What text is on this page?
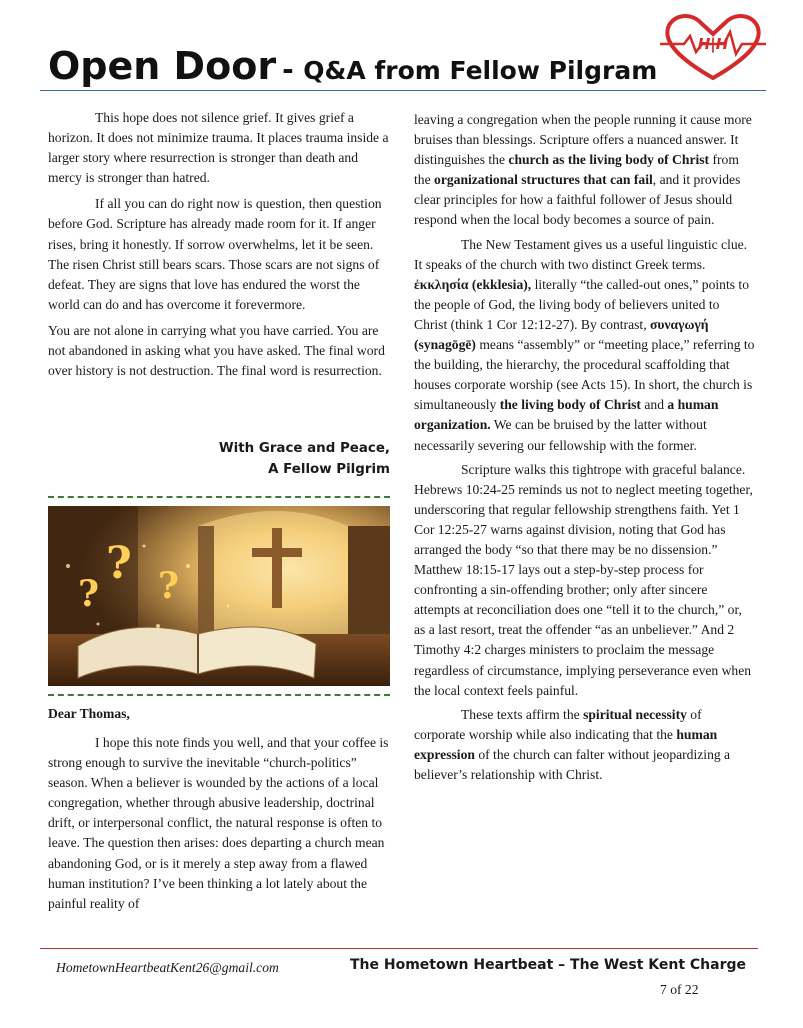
Open Door - Q&A from Fellow Pilgram
H|H

This hope does not silence grief. It gives grief a horizon. It does not minimize trauma. It places trauma inside a larger story where resurrection is stronger than death and mercy is stronger than hatred.

If all you can do right now is question, then question before God. Scripture has already made room for it. If anger rises, bring it honestly. If sorrow overwhelms, let it be seen. The risen Christ still bears scars. Those scars are not signs of defeat. They are signs that love has endured the worst the world can do and has overcome it forevermore.

You are not alone in carrying what you have carried. You are not abandoned in asking what you have asked. The final word over history is not destruction. The final word is resurrection.

With Grace and Peace,
A Fellow Pilgrim
?
? ?
Dear Thomas,

I hope this note finds you well, and that your coffee is strong enough to survive the inevitable “church-politics” season. When a believer is wounded by the actions of a local congregation, whether through abusive leadership, doctrinal drift, or interpersonal conflict, the natural response is often to leave. The question then arises: does departing a church mean abandoning God, or is it merely a step away from a flawed human institution? I’ve been thinking a lot lately about the painful reality of

leaving a congregation when the people running it cause more bruises than blessings. Scripture offers a nuanced answer. It distinguishes the church as the living body of Christ from the organizational structures that can fail, and it provides clear principles for how a faithful follower of Jesus should respond when the local body becomes a source of pain.

The New Testament gives us a useful linguistic clue. It speaks of the church with two distinct Greek terms. ἐκκλησία (ekklesia), literally “the called-out ones,” points to the people of God, the living body of believers united to Christ (think 1 Cor 12:12-27). By contrast, συναγωγή (synagōgē) means “assembly” or “meeting place,” referring to the building, the hierarchy, the procedural scaffolding that houses corporate worship (see Acts 15). In short, the church is simultaneously the living body of Christ and a human organization. We can be bruised by the latter without necessarily severing our fellowship with the former.

Scripture walks this tightrope with graceful balance. Hebrews 10:24-25 reminds us not to neglect meeting together, underscoring that regular fellowship strengthens faith. Yet 1 Cor 12:25-27 warns against division, noting that God has arranged the body “so that there may be no dissension.” Matthew 18:15-17 lays out a step-by-step process for confronting a sin-offending brother; only after sincere attempts at reconciliation does one “tell it to the church,” or, as a last resort, treat the offender “as an unbeliever.” And 2 Timothy 4:2 charges ministers to proclaim the message regardless of circumstance, implying perseverance even when the local context feels painful.

These texts affirm the spiritual necessity of corporate worship while also indicating that the human expression of the church can falter without jeopardizing a believer’s relationship with Christ.

HometownHeartbeatKent26@gmail.com	The Hometown Heartbeat – The West Kent Charge
7 of 22
